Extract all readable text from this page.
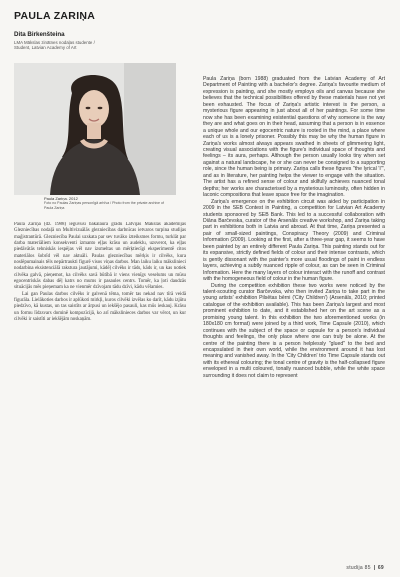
PAULA ZARIŅA
Dita Birkenšteina
LMA Mākslas zinātnes nodaļas studente /
Student, Latvian Academy of Art
Paula Zariņa. 2012
Foto no Paulas Zariņas personīgā arhīva / Photo from the private archive of Paula Zariņa

Paula Zariņa (dz. 1988) ieguvusi bakalaura grādu Latvijas Mākslas akadēmijas Glezniecības nodaļā un Multivizuālās glezniecības darbnīcas ietvaros turpina studijas maģistrantūrā. Glezniecība Paulai uzskata par sev tuvāko izteiksmes formu, turklāt par darba materiāliem konsekventi izmanto eļļas krāsu un audeklu, uzsverot, ka eļļas piedāvātās tehniskās iespējas vēl nav izsmeltas un mērķtiecīgi eksperimentē citos materiālos šobrīd vēl nav aktuāli. Paulas glezniecības mērķis ir cilvēks, kura noslēpumainais tēls nepārtraukti figurē visos viņas darbos. Man laiku laiku mākslinieci nodarbina eksistenciālā rakstura jautājumi, kādēļ cilvēks ir tāds, kāds ir, un kas notiek cilvēka galvā, pieņemot, ka cilvēks savā būtībā ir viens vienīgs veselums un mūsu egocentriskās dabas dēļ katrs no mums ir pasaules centrs. Tomēr, ka ļoti daudzās situācijās mēs pieņemam ka ne vienmēr dzīvojam tādu dzīvi, kādu vēlamies.

Lai gan Paulas darbos cilvēks ir galvenā tēma, tomēr tas nekad nav tīrā veidā figurāla. Lielākoties darbos ir aplūkoti mirkļi, kuros cilvēki izvēlas ko darīt, kādu izjūtu piedzīvo, kā kustas, un tas saistīts ar ārpusi un iekšējo pasauli, kas mūs ieskauj. Krāsu un formu līdzsvars dominē kompozīcijā, ko arī mākslinieces darbos var vērot, un kur cilvēki ir saistīti ar iekšējām noskaņām.

Paula Zariņa (born 1988) graduated from the Latvian Academy of Art Department of Painting with a bachelor's degree. Zariņa's favourite medium of expression is painting, and she mostly employs oils and canvas because she believes that the technical possibilities offered by these materials have not yet been exhausted. The focus of Zariņa's artistic interest is the person, a mysterious figure appearing in just about all of her paintings. For some time now she has been examining existential questions of why someone is the way they are and what goes on in their head, assuming that a person is in essence a unique whole and our egocentric nature is rooted in the mind, a place where each of us is a lonely prisoner. Possibly this may be why the human figure in Zariņa's works almost always appears swathed in sheets of glimmering light, creating visual associations with the figure's individual space of thoughts and feelings – its aura, perhaps. Although the person usually looks tiny when set against a natural landscape, he or she can never be consigned to a supporting role, since the human being is primary. Zariņa calls these figures "the lyrical 'I'", and as in literature, her painting helps the viewer to engage with the situation. The artist has a refined sense of colour and skilfully achieves nuanced tonal depths; her works are characterised by a mysterious luminosity, often hidden in laconic compositions that leave space free for the imagination.

Zariņa's emergence on the exhibition circuit was aided by participation in 2009 in the SEB Contest in Painting, a competition for Latvian Art Academy students sponsored by SEB Bank. This led to a successful collaboration with Diāna Barčevska, curator of the Arsenāls creative workshop, and Zariņa taking part in exhibitions both in Latvia and abroad. At that time, Zariņa presented a pair of small-sized paintings, Conspiracy Theory (2009) and Criminal Information (2009). Looking at the first, after a three-year gap, it seems to have been painted by an entirely different Paula Zariņa. This painting stands out for its expansive, strictly defined fields of colour and their intense contrasts, which is gently dissonant with the painter's more usual floodings of paint in endless layers, achieving a subtly nuanced ripple of colour, as can be seen in Criminal Information. Here the many layers of colour interact with the runoff and contrast with the homogeneous field of colour in the human figure.

During the competition exhibition these two works were noticed by the talent-scouting curator Barčevska, who then invited Zariņa to take part in the young artists' exhibition Pilsētas bērni ('City Children') (Arsenāls, 2010; printed catalogue of the exhibition available). This has been Zariņa's largest and most prominent exhibition to date, and it established her on the art scene as a promising young talent. In this exhibition the two aforementioned works (in 180x180 cm format) were joined by a third work, Time Capsule (2010), which continues with the subject of the space or capsule for a person's individual thoughts and feelings, the only place where one can truly be alone. At the centre of the painting there is a person helplessly "glued" to the bed and encapsulated in their own world, while the environment around it has lost meaning and vanished away. In the 'City Children' trio Time Capsule stands out with its ethereal colouring; the tonal centre of gravity is the half-collapsed figure enveloped in a multi coloured, tonally nuanced bubble, while the white space surrounding it does not claim to represent

studija 85 69
